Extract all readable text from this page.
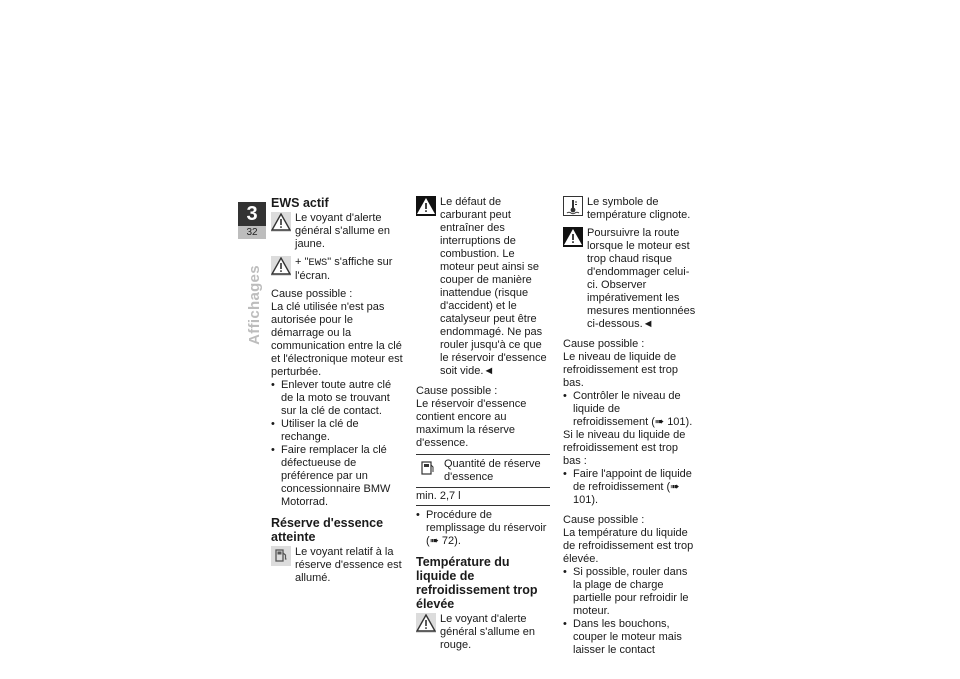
3
32
Affichages
EWS actif

Le voyant d'alerte général s'allume en jaune.

+ "EWS" s'affiche sur l'écran.

Cause possible :

La clé utilisée n'est pas autorisée pour le démarrage ou la communication entre la clé et l'électronique moteur est perturbée.

• Enlever toute autre clé de la moto se trouvant sur la clé de contact.
• Utiliser la clé de rechange.
• Faire remplacer la clé défectueuse de préférence par un concessionnaire BMW Motorrad.
Réserve d'essence atteinte

Le voyant relatif à la réserve d'essence est allumé.

Le défaut de carburant peut entraîner des interruptions de combustion. Le moteur peut ainsi se couper de manière inattendue (risque d'accident) et le catalyseur peut être endommagé. Ne pas rouler jusqu'à ce que le réservoir d'essence soit vide.◄

Cause possible :

Le réservoir d'essence contient encore au maximum la réserve d'essence.

Quantité de réserve d'essence
min. 2,7 l
• Procédure de remplissage du réservoir (➠ 72).
Température du liquide de refroidissement trop élevée

Le voyant d'alerte général s'allume en rouge.

Le symbole de température clignote.

Poursuivre la route lorsque le moteur est trop chaud risque d'endommager celui-ci. Observer impérativement les mesures mentionnées ci-dessous.◄

Cause possible :

Le niveau de liquide de refroidissement est trop bas.

• Contrôler le niveau de liquide de refroidissement (➠ 101).

Si le niveau du liquide de refroidissement est trop bas :

• Faire l'appoint de liquide de refroidissement (➠ 101).

Cause possible :

La température du liquide de refroidissement est trop élevée.

• Si possible, rouler dans la plage de charge partielle pour refroidir le moteur.
• Dans les bouchons, couper le moteur mais laisser le contact
